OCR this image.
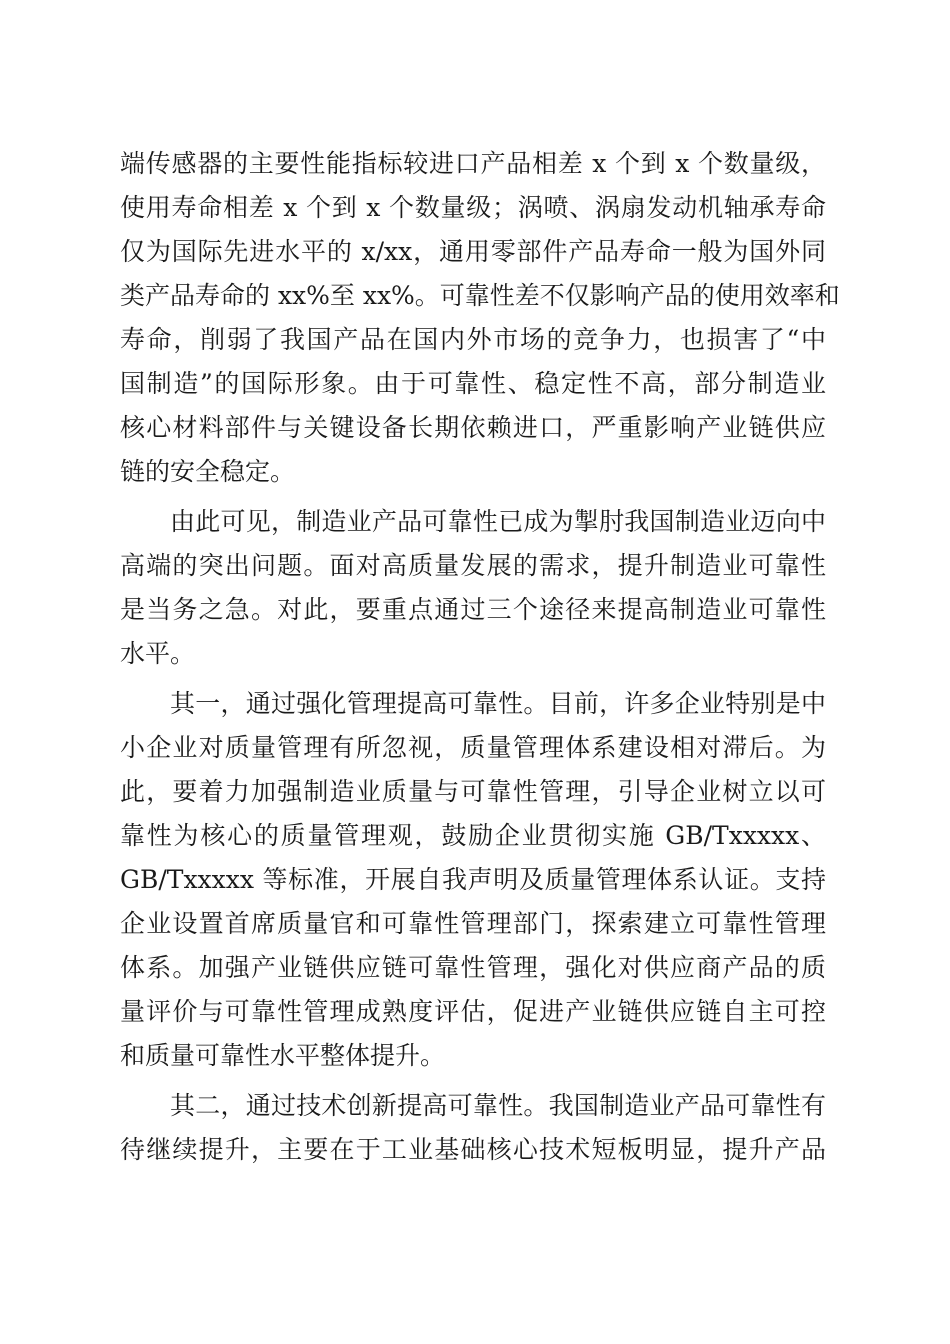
端传感器的主要性能指标较进口产品相差 x 个到 x 个数量级，
使用寿命相差 x 个到 x 个数量级；涡喷、涡扇发动机轴承寿命
仅为国际先进水平的 x/xx，通用零部件产品寿命一般为国外同
类产品寿命的 xx%至 xx%。可靠性差不仅影响产品的使用效率和
寿命，削弱了我国产品在国内外市场的竞争力，也损害了“中
国制造”的国际形象。由于可靠性、稳定性不高，部分制造业
核心材料部件与关键设备长期依赖进口，严重影响产业链供应
链的安全稳定。
由此可见，制造业产品可靠性已成为掣肘我国制造业迈向中
高端的突出问题。面对高质量发展的需求，提升制造业可靠性
是当务之急。对此，要重点通过三个途径来提高制造业可靠性
水平。
其一，通过强化管理提高可靠性。目前，许多企业特别是中
小企业对质量管理有所忽视，质量管理体系建设相对滞后。为
此，要着力加强制造业质量与可靠性管理，引导企业树立以可
靠性为核心的质量管理观，鼓励企业贯彻实施 GB/Txxxxx、
GB/Txxxxx 等标准，开展自我声明及质量管理体系认证。支持
企业设置首席质量官和可靠性管理部门，探索建立可靠性管理
体系。加强产业链供应链可靠性管理，强化对供应商产品的质
量评价与可靠性管理成熟度评估，促进产业链供应链自主可控
和质量可靠性水平整体提升。
其二，通过技术创新提高可靠性。我国制造业产品可靠性有
待继续提升，主要在于工业基础核心技术短板明显，提升产品
